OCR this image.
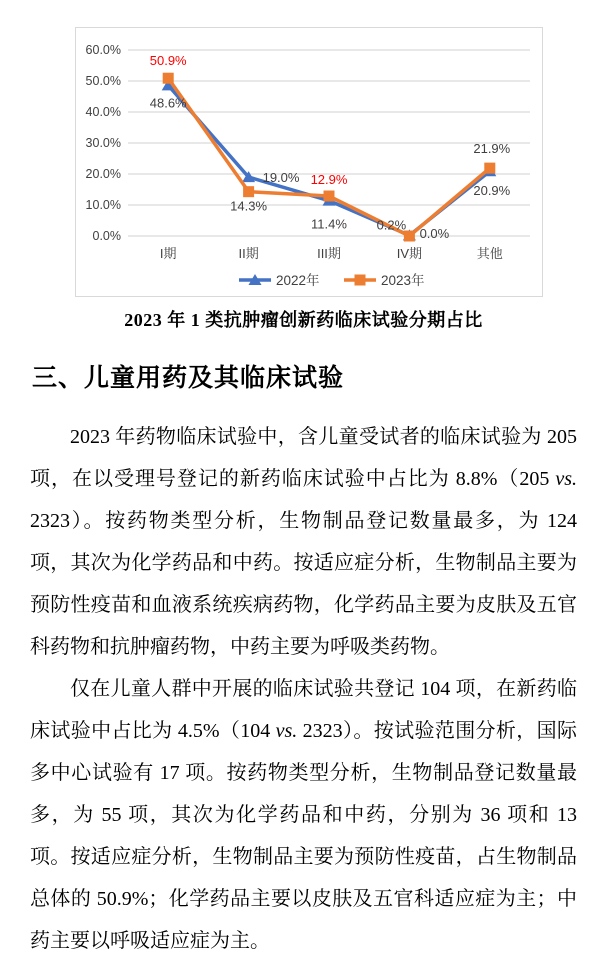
0.0%
10.0%
20.0%
30.0%
40.0%
50.0%
60.0%
I期	II期	III期	IV期	其他
48.6%
19.0%
11.4% 0.2%
20.9%
50.9%
14.3%
12.9%
0.0%
21.9%
2022年	2023年
2023 年 1 类抗肿瘤创新药临床试验分期占比
三、儿童用药及其临床试验

2023 年药物临床试验中，含儿童受试者的临床试验为 205 项，在以受理号登记的新药临床试验中占比为 8.8%（205 vs. 2323）。按药物类型分析，生物制品登记数量最多，为 124 项，其次为化学药品和中药。按适应症分析，生物制品主要为预防性疫苗和血液系统疾病药物，化学药品主要为皮肤及五官科药物和抗肿瘤药物，中药主要为呼吸类药物。

仅在儿童人群中开展的临床试验共登记 104 项，在新药临床试验中占比为 4.5%（104 vs. 2323）。按试验范围分析，国际多中心试验有 17 项。按药物类型分析，生物制品登记数量最多，为 55 项，其次为化学药品和中药，分别为 36 项和 13 项。按适应症分析，生物制品主要为预防性疫苗，占生物制品总体的 50.9%；化学药品主要以皮肤及五官科适应症为主；中药主要以呼吸适应症为主。
